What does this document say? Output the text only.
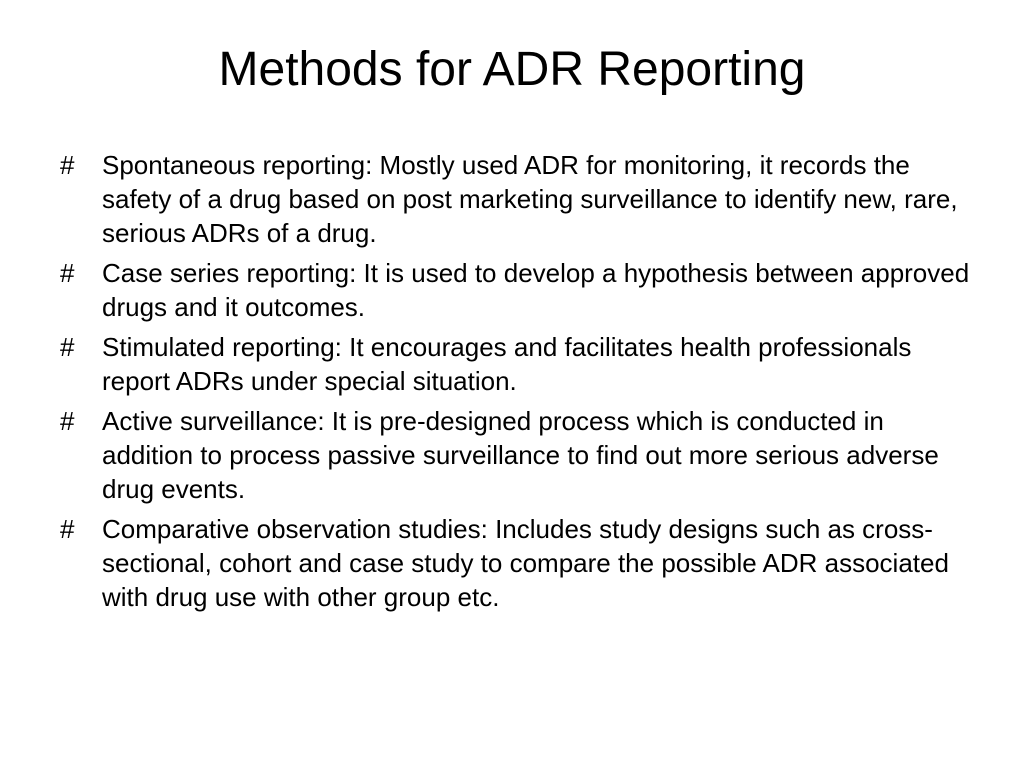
Methods for ADR Reporting
#	Spontaneous reporting: Mostly used ADR for monitoring, it records the safety of a drug based on post marketing surveillance to identify new, rare, serious ADRs of a drug.
#	Case series reporting: It is used to develop a hypothesis between approved drugs and it outcomes.
#	Stimulated reporting: It encourages and facilitates health professionals report ADRs under special situation.
#	Active surveillance: It is pre-designed process which is conducted in addition to process passive surveillance to find out more serious adverse drug events.
#	Comparative observation studies: Includes study designs such as cross- sectional, cohort and case study to compare the possible ADR associated with drug use with other group etc.
